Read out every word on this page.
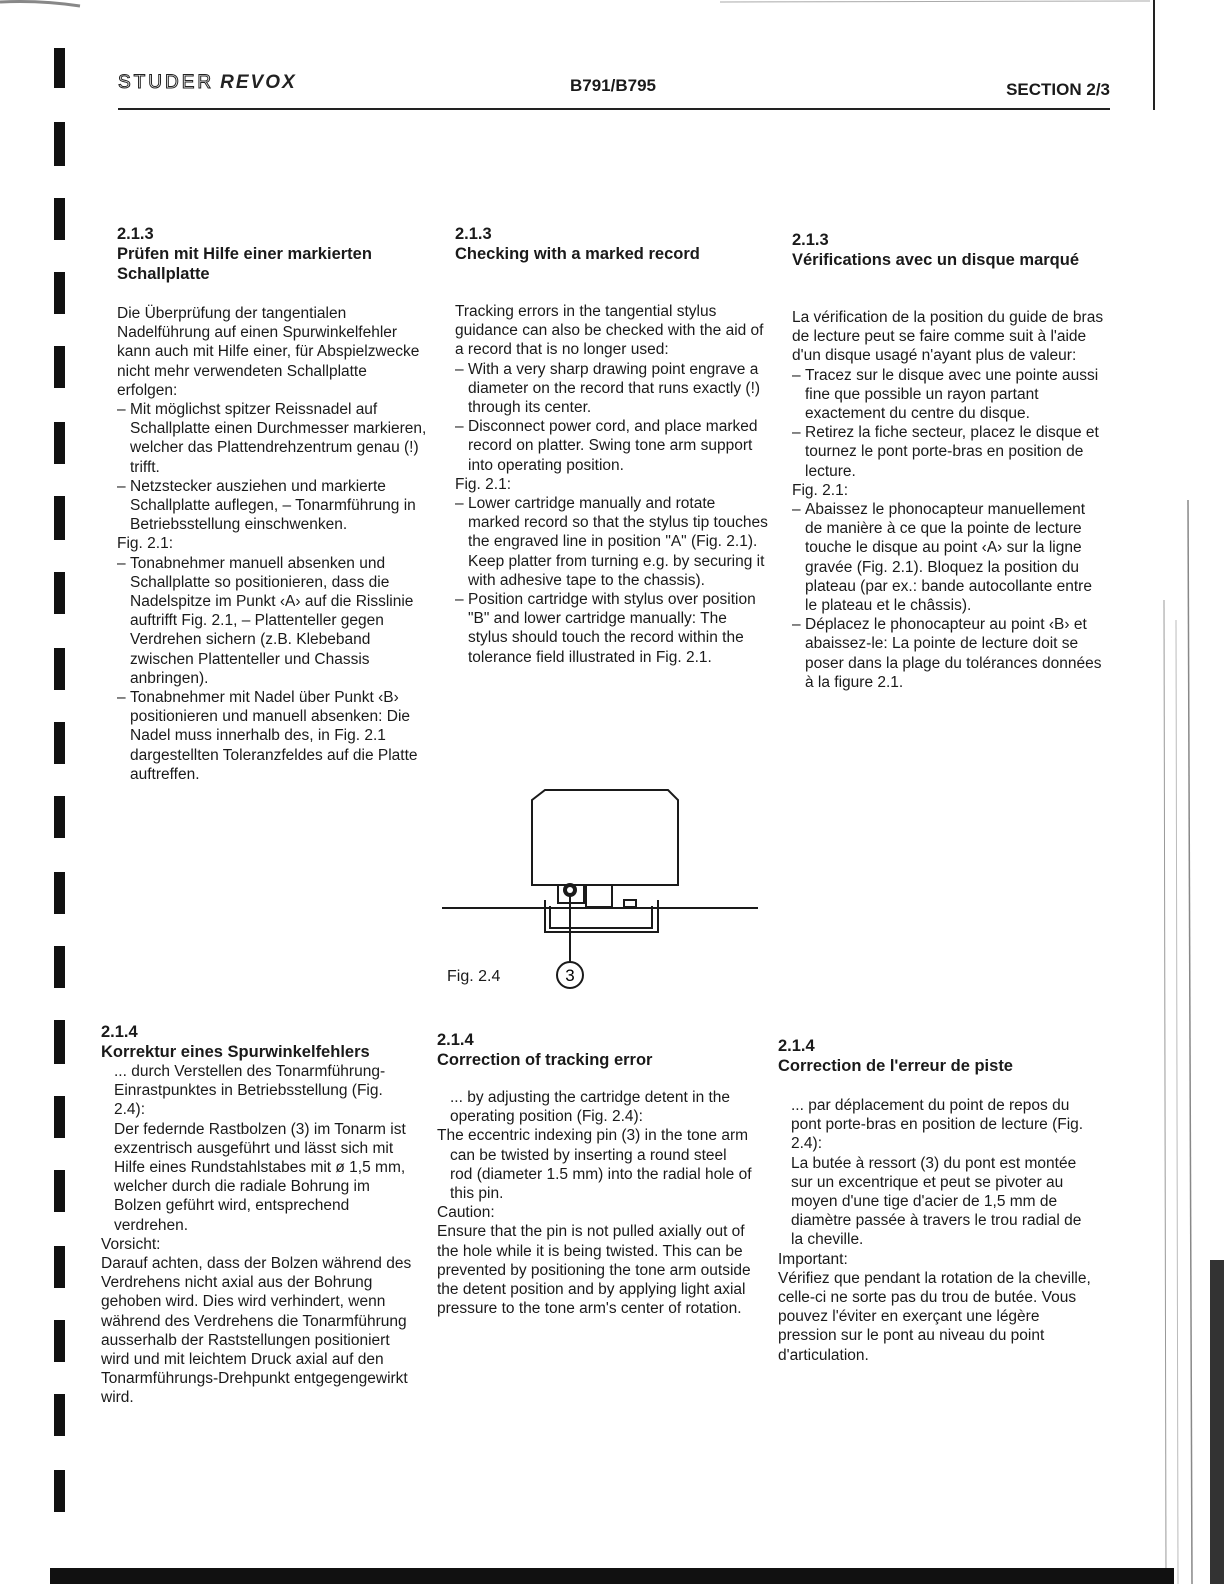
STUDER REVOX	B791/B795	SECTION 2/3
2.1.3
Prüfen mit Hilfe einer markierten Schallplatte

Die Überprüfung der tangentialen Nadelführung auf einen Spurwinkelfehler kann auch mit Hilfe einer, für Abspielzwecke nicht mehr verwendeten Schallplatte erfolgen:

– Mit möglichst spitzer Reissnadel auf Schallplatte einen Durchmesser markieren, welcher das Plattendrehzentrum genau (!) trifft.
– Netzstecker ausziehen und markierte Schallplatte auflegen, – Tonarmführung in Betriebsstellung einschwenken.

Fig. 2.1:

– Tonabnehmer manuell absenken und Schallplatte so positionieren, dass die Nadelspitze im Punkt ‹A› auf die Risslinie auftrifft Fig. 2.1, – Plattenteller gegen Verdrehen sichern (z.B. Klebeband zwischen Plattenteller und Chassis anbringen).
– Tonabnehmer mit Nadel über Punkt ‹B› positionieren und manuell absenken: Die Nadel muss innerhalb des, in Fig. 2.1 dargestellten Toleranzfeldes auf die Platte auftreffen.
2.1.3
Checking with a marked record

Tracking errors in the tangential stylus guidance can also be checked with the aid of a record that is no longer used:

– With a very sharp drawing point engrave a diameter on the record that runs exactly (!) through its center.
– Disconnect power cord, and place marked record on platter. Swing tone arm support into operating position.

Fig. 2.1:

– Lower cartridge manually and rotate marked record so that the stylus tip touches the engraved line in position "A" (Fig. 2.1). Keep platter from turning e.g. by securing it with adhesive tape to the chassis).
– Position cartridge with stylus over position "B" and lower cartridge manually: The stylus should touch the record within the tolerance field illustrated in Fig. 2.1.
2.1.3
Vérifications avec un disque marqué

La vérification de la position du guide de bras de lecture peut se faire comme suit à l'aide d'un disque usagé n'ayant plus de valeur:

– Tracez sur le disque avec une pointe aussi fine que possible un rayon partant exactement du centre du disque.
– Retirez la fiche secteur, placez le disque et tournez le pont porte-bras en position de lecture.

Fig. 2.1:

– Abaissez le phonocapteur manuellement de manière à ce que la pointe de lecture touche le disque au point ‹A› sur la ligne gravée (Fig. 2.1). Bloquez la position du plateau (par ex.: bande autocollante entre le plateau et le châssis).
– Déplacez le phonocapteur au point ‹B› et abaissez-le: La pointe de lecture doit se poser dans la plage du tolérances données à la figure 2.1.
3
Fig. 2.4
2.1.4
Korrektur eines Spurwinkelfehlers

... durch Verstellen des Tonarmführung-Einrastpunktes in Betriebsstellung (Fig. 2.4):

Der federnde Rastbolzen (3) im Tonarm ist exzentrisch ausgeführt und lässt sich mit Hilfe eines Rundstahlstabes mit ø 1,5 mm, welcher durch die radiale Bohrung im Bolzen geführt wird, entsprechend verdrehen.

Vorsicht:

Darauf achten, dass der Bolzen während des Verdrehens nicht axial aus der Bohrung gehoben wird. Dies wird verhindert, wenn während des Verdrehens die Tonarmführung ausserhalb der Raststellungen positioniert wird und mit leichtem Druck axial auf den Tonarmführungs-Drehpunkt entgegengewirkt wird.

2.1.4
Correction of tracking error

... by adjusting the cartridge detent in the operating position (Fig. 2.4):

The eccentric indexing pin (3) in the tone arm can be twisted by inserting a round steel rod (diameter 1.5 mm) into the radial hole of this pin.

Caution:

Ensure that the pin is not pulled axially out of the hole while it is being twisted. This can be prevented by positioning the tone arm outside the detent position and by applying light axial pressure to the tone arm's center of rotation.

2.1.4
Correction de l'erreur de piste

... par déplacement du point de repos du pont porte-bras en position de lecture (Fig. 2.4):

La butée à ressort (3) du pont est montée sur un excentrique et peut se pivoter au moyen d'une tige d'acier de 1,5 mm de diamètre passée à travers le trou radial de la cheville.

Important:

Vérifiez que pendant la rotation de la cheville, celle-ci ne sorte pas du trou de butée. Vous pouvez l'éviter en exerçant une légère pression sur le pont au niveau du point d'articulation.
